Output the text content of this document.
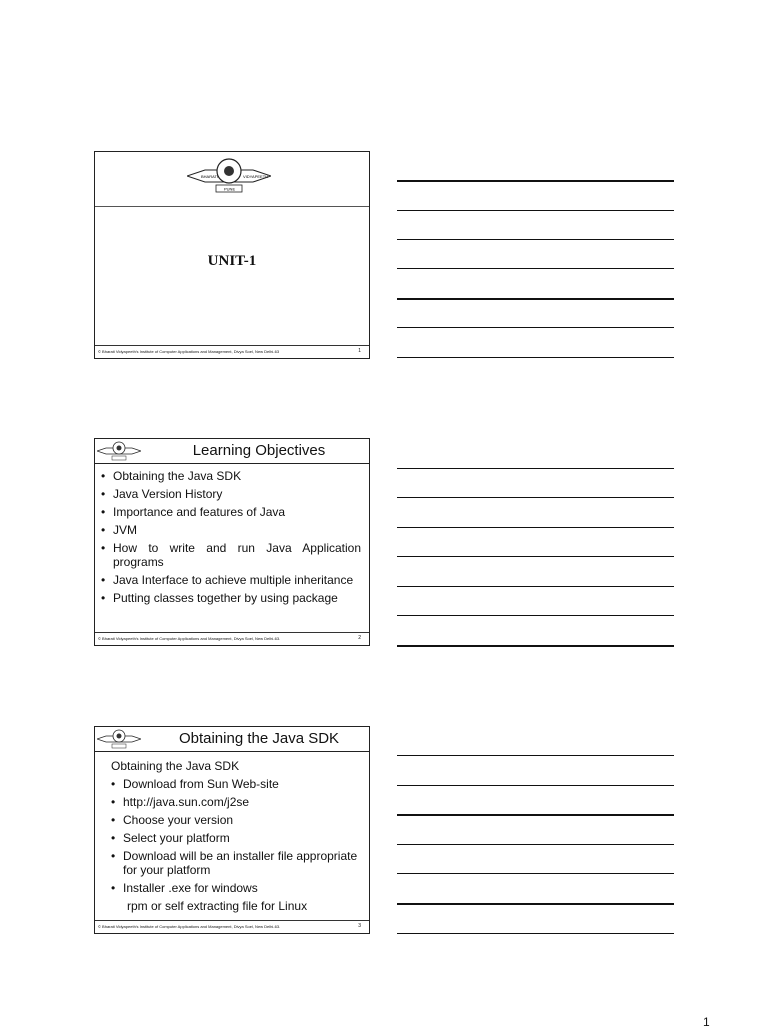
BHARATI	VIDYAPEETH
PUNE
UNIT-1
© Bharati Vidyapeeth's Institute of Computer Applications and Management, Divya Soel, New Delhi-63	1
Learning Objectives
• Obtaining the Java SDK
• Java Version History
• Importance and features of Java
• JVM
• How to write and run Java Application programs
• Java Interface to achieve multiple inheritance
• Putting classes together by using package
© Bharati Vidyapeeth's Institute of Computer Applications and Management, Divya Soel, New Delhi-63.	2
Obtaining the Java SDK
Obtaining the Java SDK
• Download from Sun Web-site
• http://java.sun.com/j2se
• Choose your version
• Select your platform
• Download will be an installer file appropriate for your platform
• Installer .exe for windows
rpm or self extracting file for Linux
© Bharati Vidyapeeth's Institute of Computer Applications and Management, Divya Soel, New Delhi-63.	3
1
